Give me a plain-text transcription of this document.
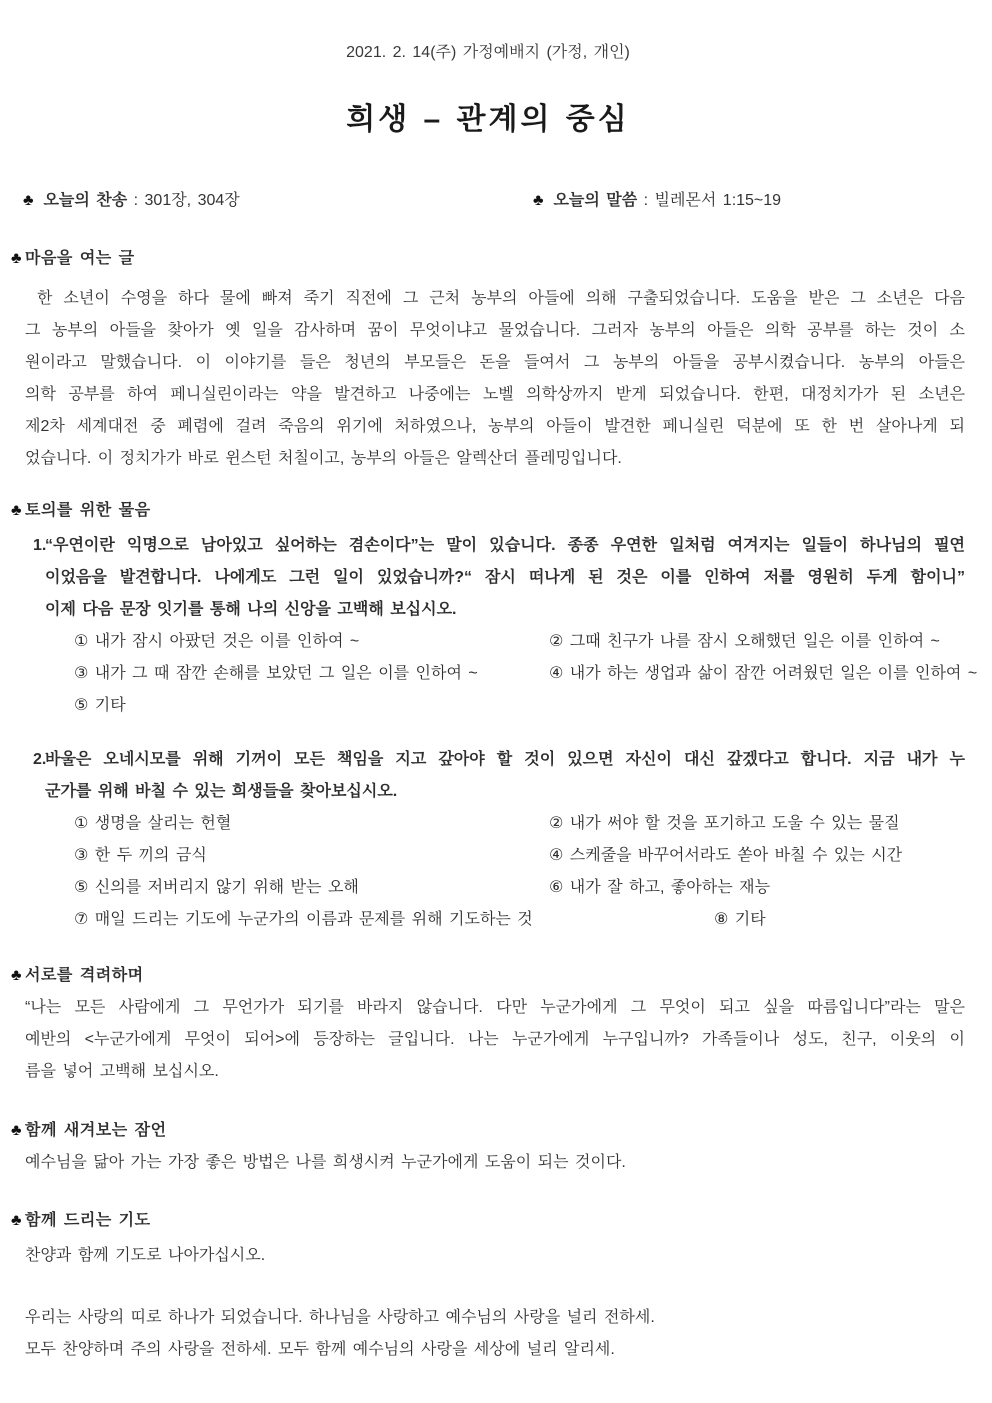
2021. 2. 14(주) 가정예배지 (가정, 개인)
희생 – 관계의 중심
♣ 오늘의 찬송 : 301장, 304장	♣ 오늘의 말씀 : 빌레몬서 1:15~19
♣ 마음을 여는 글
한 소년이 수영을 하다 물에 빠져 죽기 직전에 그 근처 농부의 아들에 의해 구출되었습니다. 도움을 받은 그 소년은 다음
그 농부의 아들을 찾아가 옛 일을 감사하며 꿈이 무엇이냐고 물었습니다. 그러자 농부의 아들은 의학 공부를 하는 것이 소
원이라고 말했습니다. 이 이야기를 들은 청년의 부모들은 돈을 들여서 그 농부의 아들을 공부시켰습니다. 농부의 아들은
의학 공부를 하여 페니실린이라는 약을 발견하고 나중에는 노벨 의학상까지 받게 되었습니다. 한편, 대정치가가 된 소년은
제2차 세계대전 중 폐렴에 걸려 죽음의 위기에 처하였으나, 농부의 아들이 발견한 페니실린 덕분에 또 한 번 살아나게 되
었습니다. 이 정치가가 바로 윈스턴 처칠이고, 농부의 아들은 알렉산더 플레밍입니다.
♣ 토의를 위한 물음
1.
“우연이란 익명으로 남아있고 싶어하는 겸손이다”는 말이 있습니다. 종종 우연한 일처럼 여겨지는 일들이 하나님의 필연
이었음을 발견합니다. 나에게도 그런 일이 있었습니까?“ 잠시 떠나게 된 것은 이를 인하여 저를 영원히 두게 함이니”
이제 다음 문장 잇기를 통해 나의 신앙을 고백해 보십시오.
① 내가 잠시 아팠던 것은 이를 인하여 ~	② 그때 친구가 나를 잠시 오해했던 일은 이를 인하여 ~
③ 내가 그 때 잠깐 손해를 보았던 그 일은 이를 인하여 ~	④ 내가 하는 생업과 삶이 잠깐 어려웠던 일은 이를 인하여 ~
⑤ 기타
2.
바울은 오네시모를 위해 기꺼이 모든 책임을 지고 갚아야 할 것이 있으면 자신이 대신 갚겠다고 합니다. 지금 내가 누
군가를 위해 바칠 수 있는 희생들을 찾아보십시오.
① 생명을 살리는 헌혈	② 내가 써야 할 것을 포기하고 도울 수 있는 물질
③ 한 두 끼의 금식	④ 스케줄을 바꾸어서라도 쏟아 바칠 수 있는 시간
⑤ 신의를 저버리지 않기 위해 받는 오해	⑥ 내가 잘 하고, 좋아하는 재능
⑦ 매일 드리는 기도에 누군가의 이름과 문제를 위해 기도하는 것	⑧ 기타
♣ 서로를 격려하며
“나는 모든 사람에게 그 무언가가 되기를 바라지 않습니다. 다만 누군가에게 그 무엇이 되고 싶을 따름입니다”라는 말은
예반의 <누군가에게 무엇이 되어>에 등장하는 글입니다. 나는 누군가에게 누구입니까? 가족들이나 성도, 친구, 이웃의 이
름을 넣어 고백해 보십시오.
♣ 함께 새겨보는 잠언
예수님을 닮아 가는 가장 좋은 방법은 나를 희생시켜 누군가에게 도움이 되는 것이다.
♣ 함께 드리는 기도
찬양과 함께 기도로 나아가십시오.
우리는 사랑의 띠로 하나가 되었습니다. 하나님을 사랑하고 예수님의 사랑을 널리 전하세.
모두 찬양하며 주의 사랑을 전하세. 모두 함께 예수님의 사랑을 세상에 널리 알리세.
